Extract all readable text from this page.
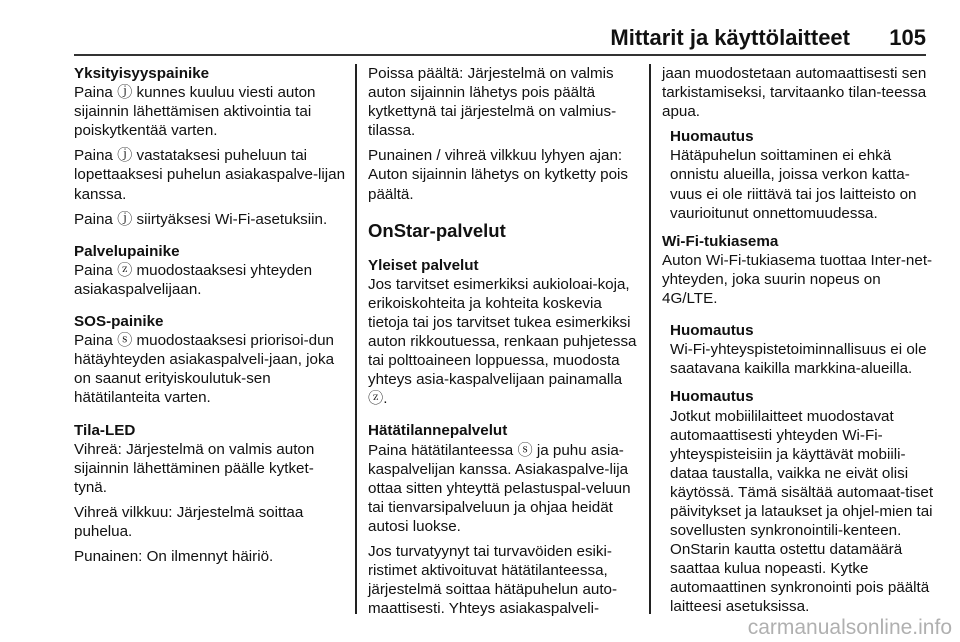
Mittarit ja käyttölaitteet 105

Yksityisyyspainike

Paina ⓙ kunnes kuuluu viesti auton sijainnin lähettämisen aktivointia tai poiskytkentää varten.

Paina ⓙ vastataksesi puheluun tai lopettaaksesi puhelun asiakaspalve-lijan kanssa.

Paina ⓙ siirtyäksesi Wi-Fi-asetuksiin.

Palvelupainike

Paina ⓩ muodostaaksesi yhteyden asiakaspalvelijaan.

SOS-painike

Paina ⓢ muodostaaksesi priorisoi-dun hätäyhteyden asiakaspalveli-jaan, joka on saanut erityiskoulutuk-sen hätätilanteita varten.

Tila-LED

Vihreä: Järjestelmä on valmis auton sijainnin lähettäminen päälle kytket-tynä.

Vihreä vilkkuu: Järjestelmä soittaa puhelua.

Punainen: On ilmennyt häiriö.

Poissa päältä: Järjestelmä on valmis auton sijainnin lähetys pois päältä kytkettynä tai järjestelmä on valmius-tilassa.

Punainen / vihreä vilkkuu lyhyen ajan: Auton sijainnin lähetys on kytketty pois päältä.

OnStar-palvelut

Yleiset palvelut

Jos tarvitset esimerkiksi aukioloai-koja, erikoiskohteita ja kohteita koskevia tietoja tai jos tarvitset tukea esimerkiksi auton rikkoutuessa, renkaan puhjetessa tai polttoaineen loppuessa, muodosta yhteys asia-kaspalvelijaan painamalla ⓩ.

Hätätilannepalvelut

Paina hätätilanteessa ⓢ ja puhu asia-kaspalvelijan kanssa. Asiakaspalve-lija ottaa sitten yhteyttä pelastuspal-veluun tai tienvarsipalveluun ja ohjaa heidät autosi luokse.

Jos turvatyynyt tai turvavöiden esiki-ristimet aktivoituvat hätätilanteessa, järjestelmä soittaa hätäpuhelun auto-maattisesti. Yhteys asiakaspalveli-

jaan muodostetaan automaattisesti sen tarkistamiseksi, tarvitaanko tilan-teessa apua.

Huomautus

Hätäpuhelun soittaminen ei ehkä onnistu alueilla, joissa verkon katta-vuus ei ole riittävä tai jos laitteisto on vaurioitunut onnettomuudessa.

Wi-Fi-tukiasema

Auton Wi-Fi-tukiasema tuottaa Inter-net-yhteyden, joka suurin nopeus on 4G/LTE.

Huomautus

Wi-Fi-yhteyspistetoiminnallisuus ei ole saatavana kaikilla markkina-alueilla.

Huomautus

Jotkut mobiililaitteet muodostavat automaattisesti yhteyden Wi-Fi-yhteyspisteisiin ja käyttävät mobiili-dataa taustalla, vaikka ne eivät olisi käytössä. Tämä sisältää automaat-tiset päivitykset ja lataukset ja ohjel-mien tai sovellusten synkronointili-kenteen. OnStarin kautta ostettu datamäärä saattaa kulua nopeasti. Kytke automaattinen synkronointi pois päältä laitteesi asetuksissa.

carmanualsonline.info
